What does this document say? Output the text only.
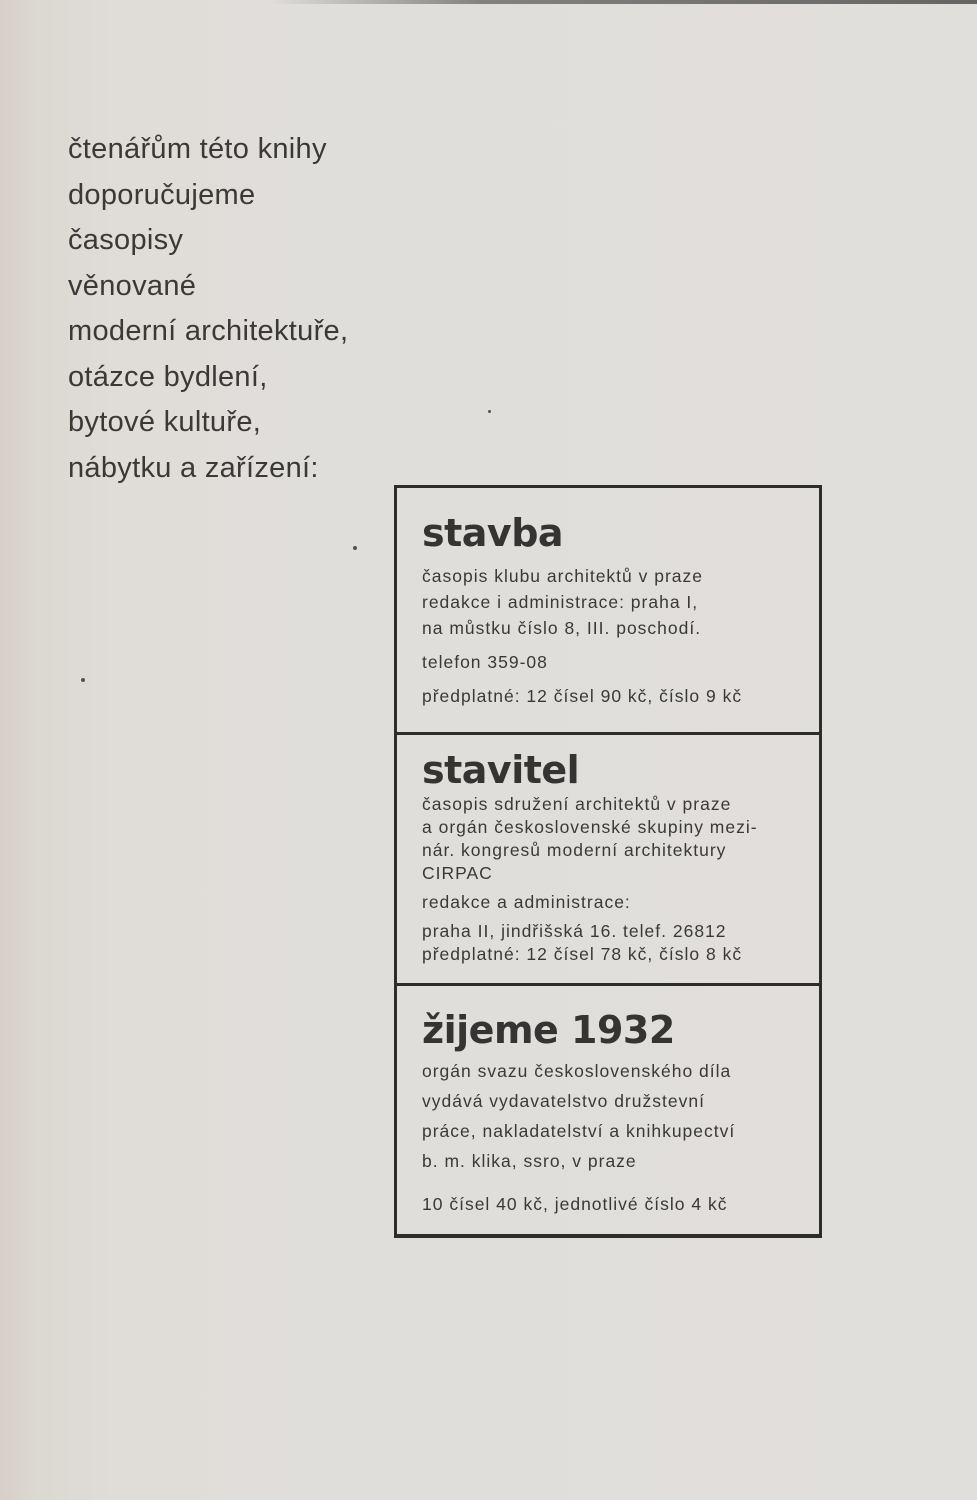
čtenářům této knihy
doporučujeme
časopisy
věnované
moderní architektuře,
otázce bydlení,
bytové kultuře,
nábytku a zařízení:
stavba
časopis klubu architektů v praze
redakce i administrace: praha I,
na můstku číslo 8, III. poschodí.
telefon 359-08
předplatné: 12 čísel 90 kč, číslo 9 kč
stavitel
časopis sdružení architektů v praze
a orgán československé skupiny mezi-
nár. kongresů moderní architektury
CIRPAC
redakce a administrace:
praha II, jindřišská 16. telef. 26812
předplatné: 12 čísel 78 kč, číslo 8 kč
žijeme 1932
orgán svazu československého díla
vydává vydavatelstvo družstevní
práce, nakladatelství a knihkupectví
b. m. klika, ssro, v praze
10 čísel 40 kč, jednotlivé číslo 4 kč
